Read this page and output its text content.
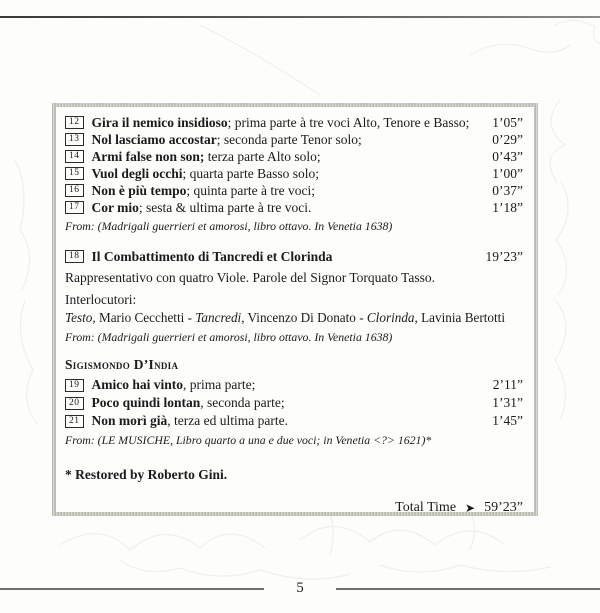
12 Gira il nemico insidioso; prima parte à tre voci Alto, Tenore e Basso; 1’05”
13 Nol lasciamo accostar; seconda parte Tenor solo;	0’29”
14 Armi false non son; terza parte Alto solo;	0’43”
15 Vuol degli occhi; quarta parte Basso solo;	1’00”
16 Non è più tempo; quinta parte à tre voci;	0’37”
17 Cor mio; sesta & ultima parte à tre voci.	1’18”
From: (Madrigali guerrieri et amorosi, libro ottavo. In Venetia 1638)
18 Il Combattimento di Tancredi et Clorinda	19’23”
Rappresentativo con quatro Viole. Parole del Signor Torquato Tasso.
Interlocutori:
Testo, Mario Cecchetti - Tancredi, Vincenzo Di Donato - Clorinda, Lavinia Bertotti
From: (Madrigali guerrieri et amorosi, libro ottavo. In Venetia 1638)
Sigismondo D’India
19 Amico hai vinto, prima parte;	2’11”
20 Poco quindi lontan, seconda parte;	1’31”
21 Non morì già, terza ed ultima parte.	1’45”
From: (LE MUSICHE, Libro quarto a una e due voci; in Venetia <?> 1621)*
* Restored by Roberto Gini.
Total Time ➤ 59’23”
5
